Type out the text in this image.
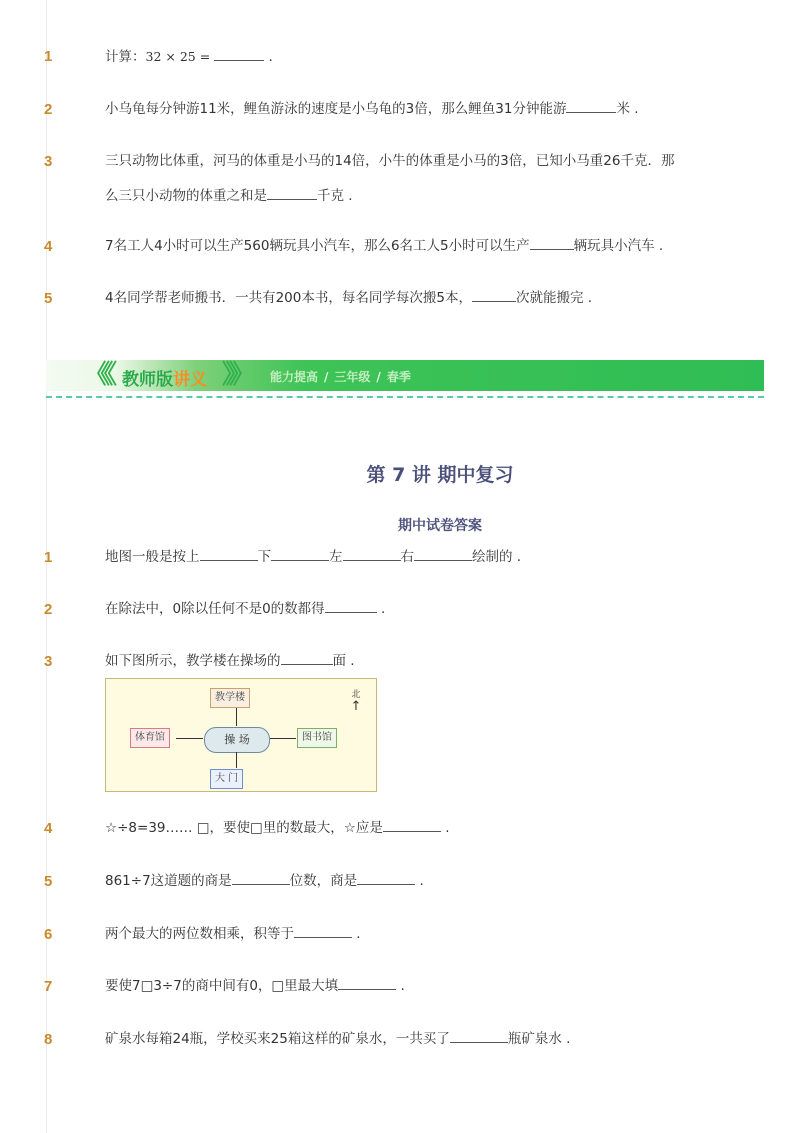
1	计算：32 × 25 =	.
2	小乌龟每分钟游11米，鲤鱼游泳的速度是小乌龟的3倍，那么鲤鱼31分钟能游	米 .
3	三只动物比体重，河马的体重是小马的14倍，小牛的体重是小马的3倍，已知小马重26千克．那
么三只小动物的体重之和是	千克 .
4	7名工人4小时可以生产560辆玩具小汽车，那么6名工人5小时可以生产	辆玩具小汽车 .
5	4名同学帮老师搬书．一共有200本书，每名同学每次搬5本，	次就能搬完 .
《《 教师版讲义 》》 能力提高 / 三年级 / 春季
第 7 讲 期中复习
期中试卷答案
1	地图一般是按上	下	左	右	绘制的 .
2	在除法中，0除以任何不是0的数都得	.
3	如下图所示，教学楼在操场的	面 .
教学楼
体育馆	操 场	图书馆
大 门
北
↑
4	☆÷8=39…… □，要使□里的数最大，☆应是	.
5	861÷7这道题的商是	位数，商是	.
6	两个最大的两位数相乘，积等于	.
7	要使7□3÷7的商中间有0，□里最大填	.
8	矿泉水每箱24瓶，学校买来25箱这样的矿泉水，一共买了	瓶矿泉水 .
